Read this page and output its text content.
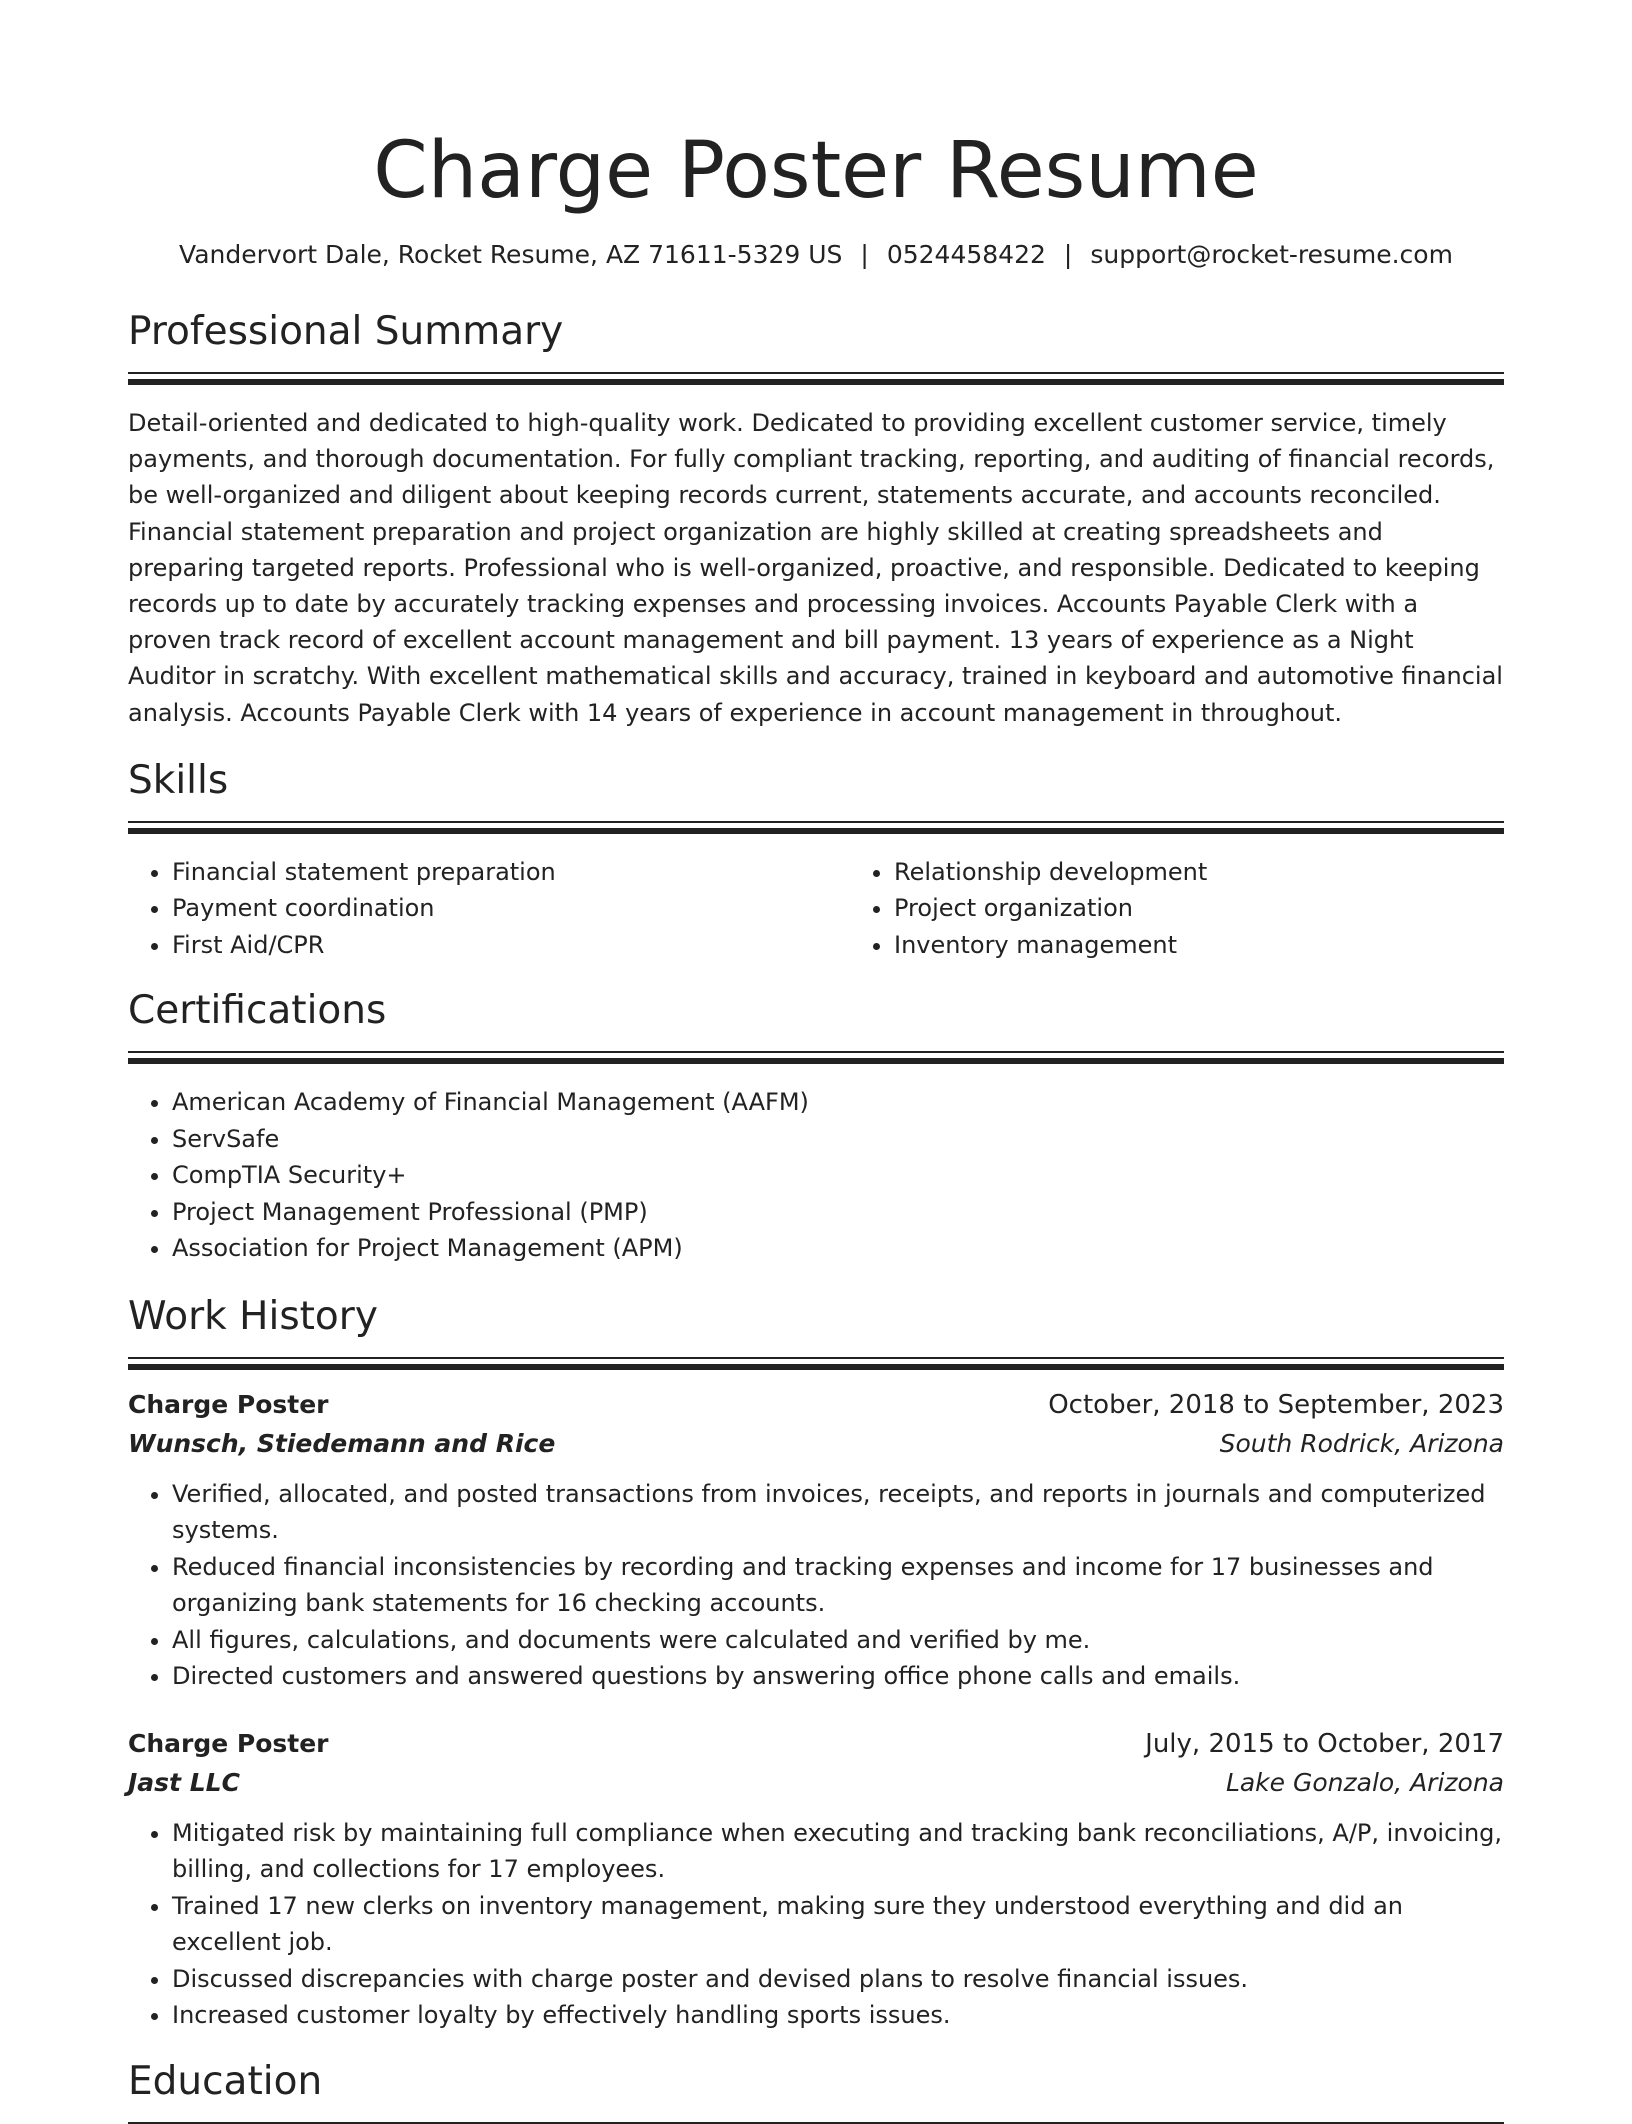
Charge Poster Resume
Vandervort Dale, Rocket Resume, AZ 71611-5329 US | 0524458422 | support@rocket-resume.com
Professional Summary
Detail-oriented and dedicated to high-quality work. Dedicated to providing excellent customer service, timely payments, and thorough documentation. For fully compliant tracking, reporting, and auditing of financial records, be well-organized and diligent about keeping records current, statements accurate, and accounts reconciled. Financial statement preparation and project organization are highly skilled at creating spreadsheets and preparing targeted reports. Professional who is well-organized, proactive, and responsible. Dedicated to keeping records up to date by accurately tracking expenses and processing invoices. Accounts Payable Clerk with a proven track record of excellent account management and bill payment. 13 years of experience as a Night Auditor in scratchy. With excellent mathematical skills and accuracy, trained in keyboard and automotive financial analysis. Accounts Payable Clerk with 14 years of experience in account management in throughout.
Skills
• Financial statement preparation
• Payment coordination
• First Aid/CPR
• Relationship development
• Project organization
• Inventory management
Certifications
• American Academy of Financial Management (AAFM)
• ServSafe
• CompTIA Security+
• Project Management Professional (PMP)
• Association for Project Management (APM)
Work History
Charge Poster	October, 2018 to September, 2023
Wunsch, Stiedemann and Rice	South Rodrick, Arizona
• Verified, allocated, and posted transactions from invoices, receipts, and reports in journals and computerized systems.
• Reduced financial inconsistencies by recording and tracking expenses and income for 17 businesses and organizing bank statements for 16 checking accounts.
• All figures, calculations, and documents were calculated and verified by me.
• Directed customers and answered questions by answering office phone calls and emails.
Charge Poster	July, 2015 to October, 2017
Jast LLC	Lake Gonzalo, Arizona
• Mitigated risk by maintaining full compliance when executing and tracking bank reconciliations, A/P, invoicing, billing, and collections for 17 employees.
• Trained 17 new clerks on inventory management, making sure they understood everything and did an excellent job.
• Discussed discrepancies with charge poster and devised plans to resolve financial issues.
• Increased customer loyalty by effectively handling sports issues.
Education
